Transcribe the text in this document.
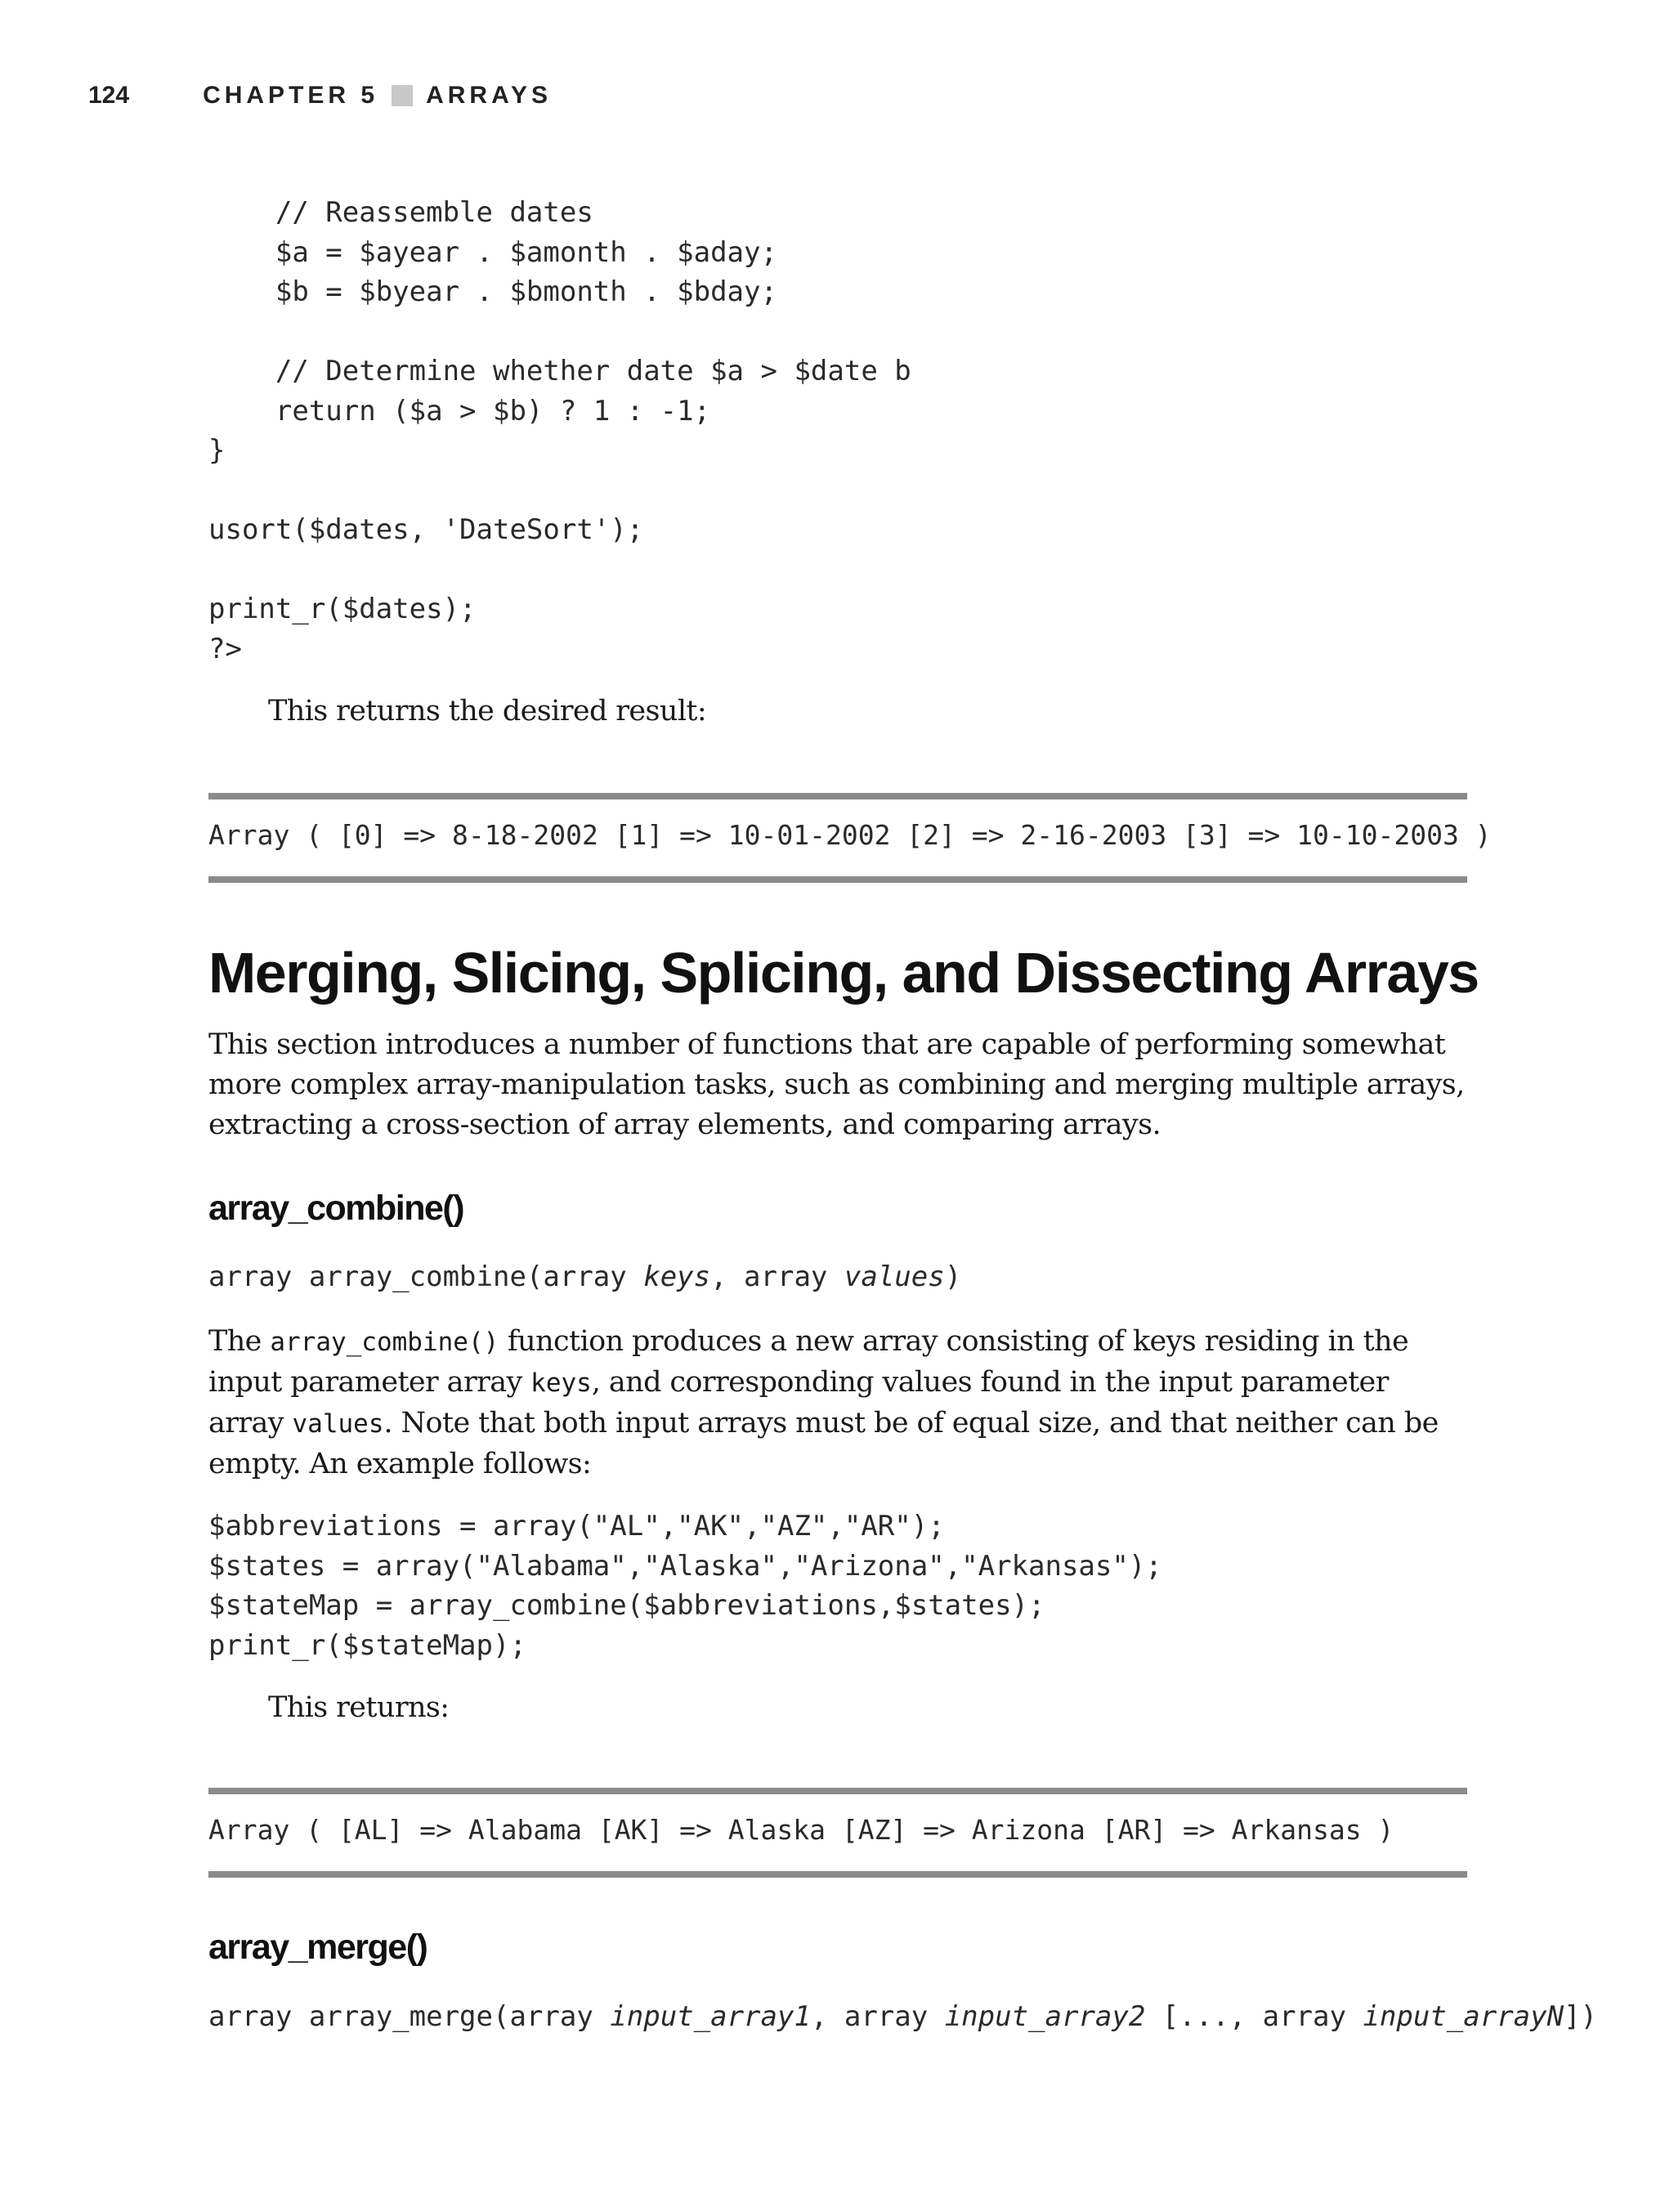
124	CHAPTER 5 ARRAYS
// Reassemble dates
$a = $ayear . $amonth . $aday;
$b = $byear . $bmonth . $bday;

// Determine whether date $a > $date b
return ($a > $b) ? 1 : -1;
}

usort($dates, 'DateSort');

print_r($dates);
?>

This returns the desired result:

Array ( [0] => 8-18-2002 [1] => 10-01-2002 [2] => 2-16-2003 [3] => 10-10-2003 )
Merging, Slicing, Splicing, and Dissecting Arrays

This section introduces a number of functions that are capable of performing somewhat more complex array-manipulation tasks, such as combining and merging multiple arrays, extracting a cross-section of array elements, and comparing arrays.

array_combine()
array array_combine(array keys, array values)

The array_combine() function produces a new array consisting of keys residing in the input parameter array keys, and corresponding values found in the input parameter array values. Note that both input arrays must be of equal size, and that neither can be empty. An example follows:

$abbreviations = array("AL","AK","AZ","AR");
$states = array("Alabama","Alaska","Arizona","Arkansas");
$stateMap = array_combine($abbreviations,$states);
print_r($stateMap);

This returns:

Array ( [AL] => Alabama [AK] => Alaska [AZ] => Arizona [AR] => Arkansas )
array_merge()
array array_merge(array input_array1, array input_array2 [..., array input_arrayN])
